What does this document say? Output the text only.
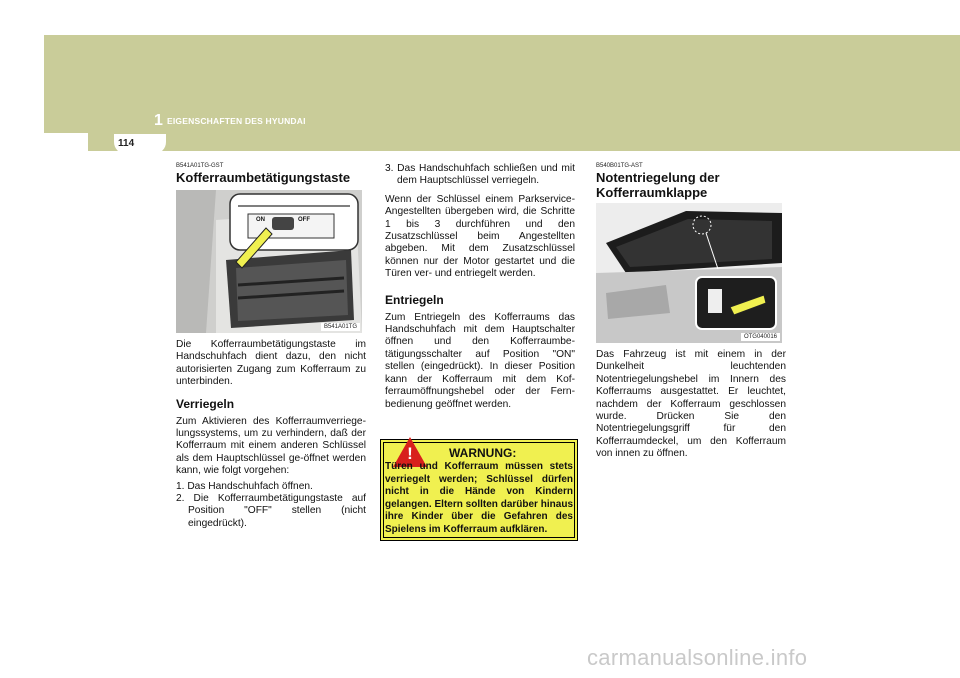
114
1 EIGENSCHAFTEN DES HYUNDAI
B541A01TG-GST
Kofferraumbetätigungstaste
ON	OFF
B541A01TG

Die Kofferraumbetätigungstaste im Handschuhfach dient dazu, den nicht autorisierten Zugang zum Kofferraum zu unterbinden.

Verriegeln

Zum Aktivieren des Kofferraumverriege-lungssystems, um zu verhindern, daß der Kofferraum mit einem anderen Schlüssel als dem Hauptschlüssel ge-öffnet werden kann, wie folgt vorgehen:

1. Das Handschuhfach öffnen.
2. Die Kofferraumbetätigungstaste auf Position "OFF" stellen (nicht eingedrückt).
3. Das Handschuhfach schließen und mit dem Hauptschlüssel verriegeln.

Wenn der Schlüssel einem Parkservice-Angestellten übergeben wird, die Schritte 1 bis 3 durchführen und den Zusatzschlüssel beim Angestellten abgeben. Mit dem Zusatzschlüssel können nur der Motor gestartet und die Türen ver- und entriegelt werden.

Entriegeln

Zum Entriegeln des Kofferraums das Handschuhfach mit dem Hauptschalter öffnen und den Kofferraumbe-tätigungsschalter auf Position "ON" stellen (eingedrückt). In dieser Position kann der Kofferraum mit dem Kof-ferraumöffnungshebel oder der Fern-bedienung geöffnet werden.

!	WARNUNG:
Türen und Kofferraum müssen stets verriegelt werden; Schlüssel dürfen nicht in die Hände von Kindern gelangen. Eltern sollten darüber hinaus ihre Kinder über die Gefahren des Spielens im Kofferraum aufklären.
B540B01TG-AST
Notentriegelung der
Kofferraumklappe
OTG040016

Das Fahrzeug ist mit einem in der Dunkelheit leuchtenden Notentriegelungshebel im Innern des Kofferraums ausgestattet. Er leuchtet, nachdem der Kofferraum geschlossen wurde. Drücken Sie den Notentriegelungsgriff für den Kofferraumdeckel, um den Kofferraum von innen zu öffnen.

carmanualsonline.info
